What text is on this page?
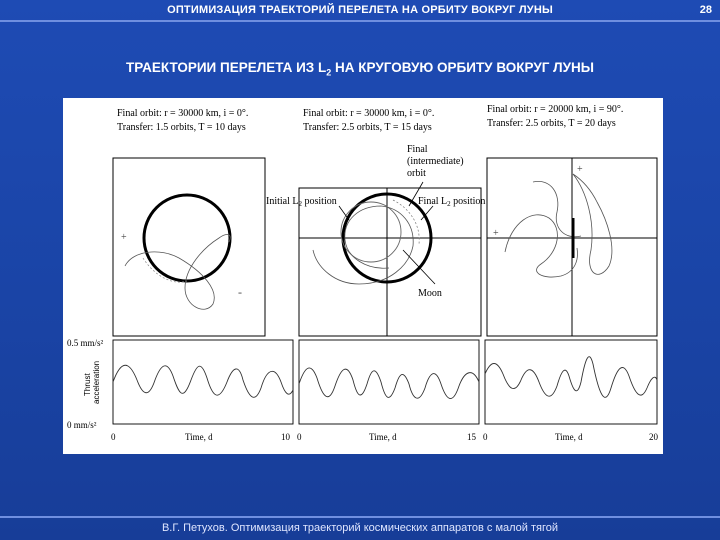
ОПТИМИЗАЦИЯ ТРАЕКТОРИЙ ПЕРЕЛЕТА НА ОРБИТУ ВОКРУГ ЛУНЫ	28
ТРАЕКТОРИИ ПЕРЕЛЕТА ИЗ $L_2$ НА КРУГОВУЮ ОРБИТУ ВОКРУГ ЛУНЫ
Final orbit: r = 30000 km, i = 0°.
Transfer: 1.5 orbits, T = 10 days
Final orbit: r = 30000 km, i = 0°.
Transfer: 2.5 orbits, T = 15 days
Final orbit: r = 20000 km, i = 90°.
Transfer: 2.5 orbits, T = 20 days
+
-
+
+
Final
(intermediate)
orbit
Initial $L_2$ position	Final $L_2$ position
Moon
0.5 mm/s²
0 mm/s²
Thrust acceleration
0	Time, d	10 0	Time, d	15 0	Time, d	20
В.Г. Петухов. Оптимизация траекторий космических аппаратов с малой тягой
